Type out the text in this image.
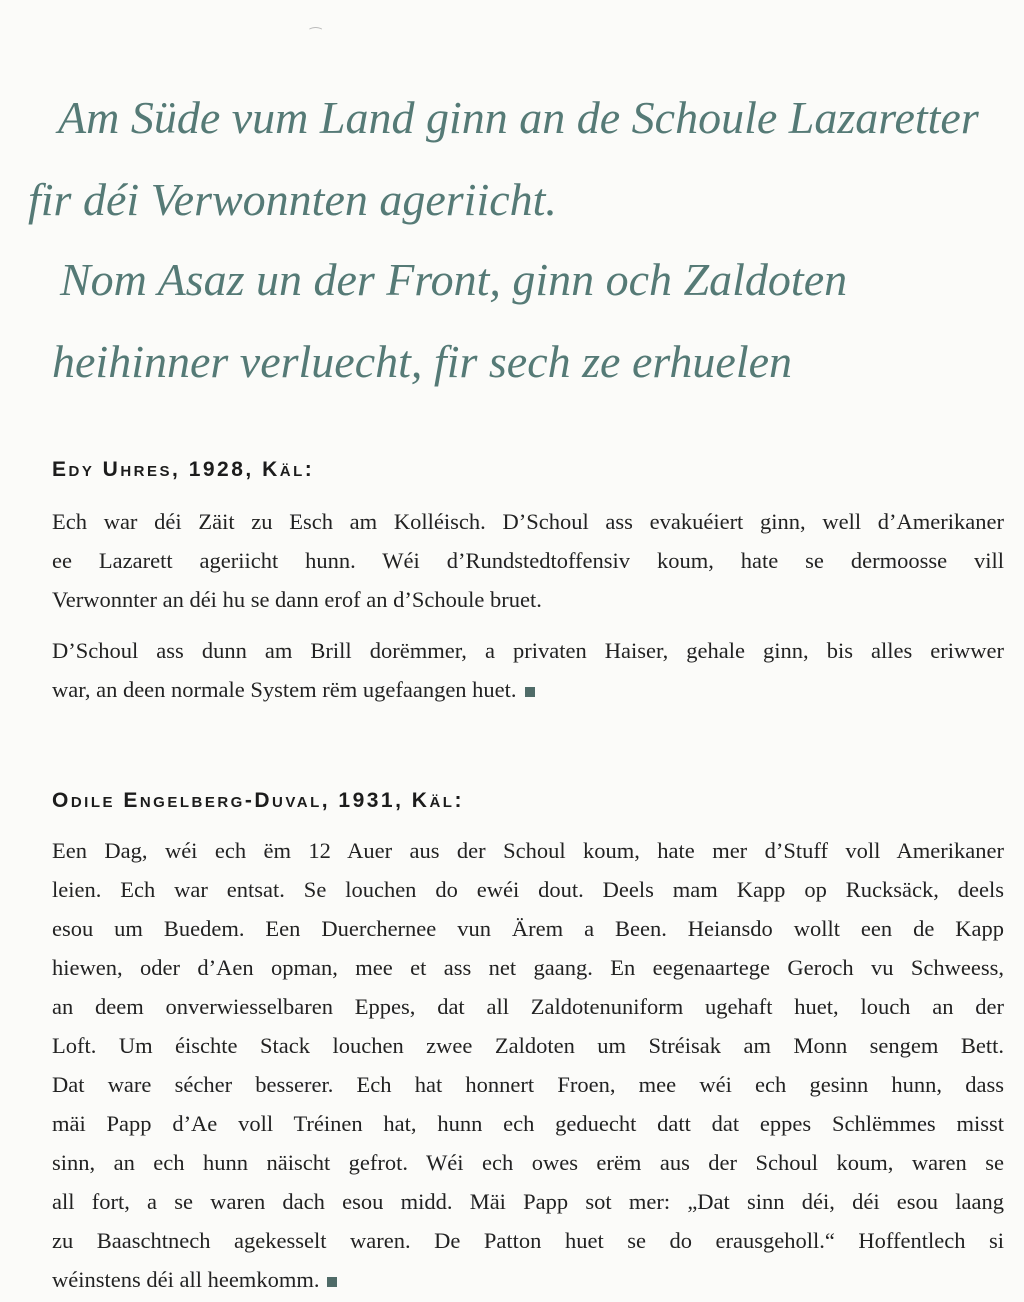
⁀
Am Süde vum Land ginn an de Schoule Lazaretter
fir déi Verwonnten ageriicht.
Nom Asaz un der Front, ginn och Zaldoten
heihinner verluecht, fir sech ze erhuelen
Edy Uhres, 1928, Käl:
Ech war déi Zäit zu Esch am Kolléisch. D’Schoul ass evakuéiert ginn, well d’Amerikaner
ee Lazarett ageriicht hunn. Wéi d’Rundstedtoffensiv koum, hate se dermoosse vill
Verwonnter an déi hu se dann erof an d’Schoule bruet.
D’Schoul ass dunn am Brill dorëmmer, a privaten Haiser, gehale ginn, bis alles eriwwer
war, an deen normale System rëm ugefaangen huet.
Odile Engelberg-Duval, 1931, Käl:
Een Dag, wéi ech ëm 12 Auer aus der Schoul koum, hate mer d’Stuff voll Amerikaner
leien. Ech war entsat. Se louchen do ewéi dout. Deels mam Kapp op Rucksäck, deels
esou um Buedem. Een Duerchernee vun Ärem a Been. Heiansdo wollt een de Kapp
hiewen, oder d’Aen opman, mee et ass net gaang. En eegenaartege Geroch vu Schweess,
an deem onverwiesselbaren Eppes, dat all Zaldotenuniform ugehaft huet, louch an der
Loft. Um éischte Stack louchen zwee Zaldoten um Stréisak am Monn sengem Bett.
Dat ware sécher besserer. Ech hat honnert Froen, mee wéi ech gesinn hunn, dass
mäi Papp d’Ae voll Tréinen hat, hunn ech geduecht datt dat eppes Schlëmmes misst
sinn, an ech hunn näischt gefrot. Wéi ech owes erëm aus der Schoul koum, waren se
all fort, a se waren dach esou midd. Mäi Papp sot mer: „Dat sinn déi, déi esou laang
zu Baaschtnech agekesselt waren. De Patton huet se do erausgeholl.“ Hoffentlech si
wéinstens déi all heemkomm.
